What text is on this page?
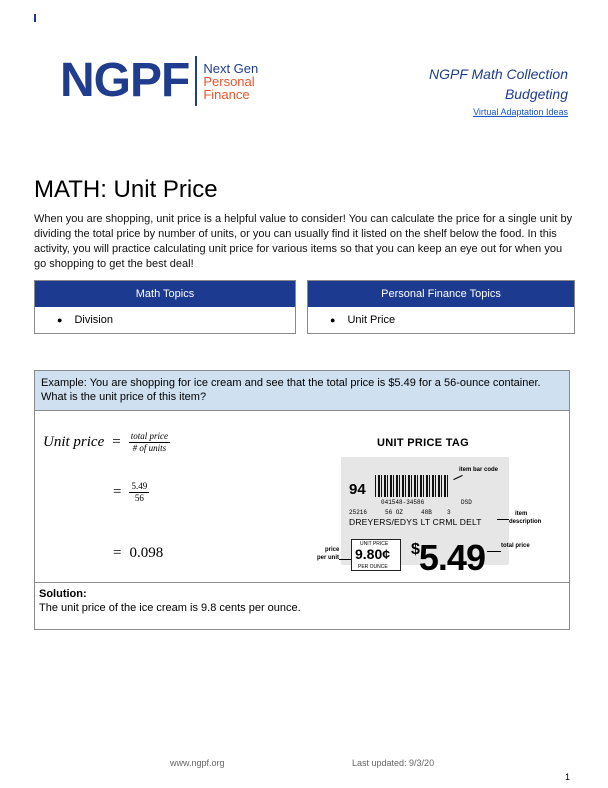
NGPF Next Gen
Personal
Finance
NGPF Math Collection
Budgeting
Virtual Adaptation Ideas
MATH: Unit Price

When you are shopping, unit price is a helpful value to consider! You can calculate the price for a single unit by dividing the total price by number of units, or you can usually find it listed on the shelf below the food. In this activity, you will practice calculating unit price for various items so that you can keep an eye out for when you go shopping to get the best deal!

Math Topics
● Division
Personal Finance Topics
● Unit Price
Example: You are shopping for ice cream and see that the total price is $5.49 for a 56-ounce container. What is the unit price of this item?
Unit price = $\frac{\text{total price}}{\text{\# of units}}$
= $\frac{5.49}{56}$
= 0.098
UNIT PRICE TAG
94
041548-34586	DSD
25216	56 OZ	48B	3
DREYERS/EDYS LT CRML DELT
UNIT PRICE
9.80¢
PER OUNCE
$5.49
item bar code
item
description
total price
price
per unit
Solution:
The unit price of the ice cream is 9.8 cents per ounce.
www.ngpf.org	Last updated: 9/3/20
1
